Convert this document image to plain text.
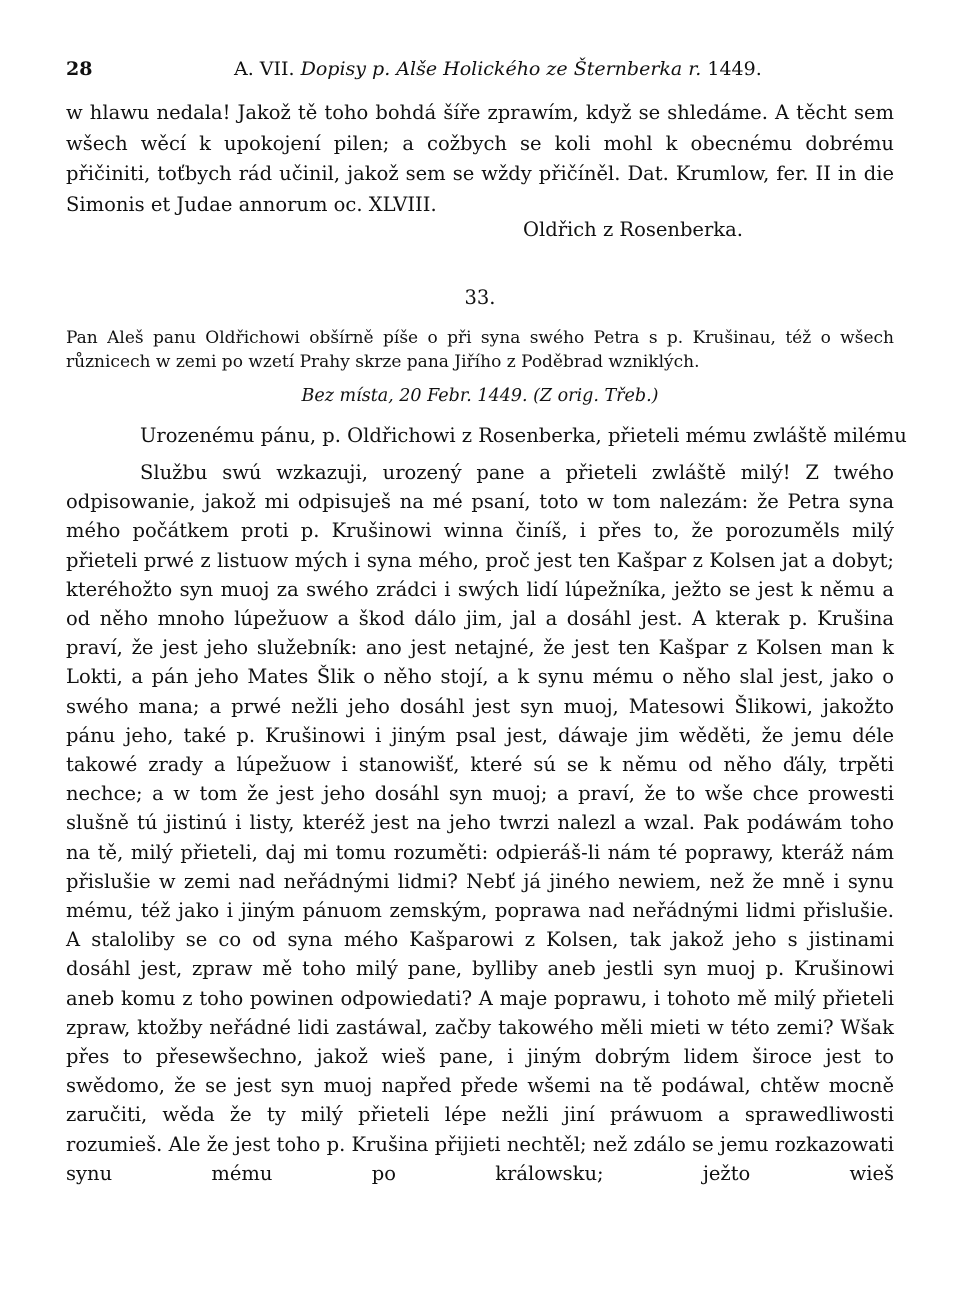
28	A. VII. Dopisy p. Alše Holického ze Šternberka r. 1449.

w hlawu nedala! Jakož tě toho bohdá šíře zprawím, když se shledáme. A těcht sem wšech wěcí k upokojení pilen; a cožbych se koli mohl k obecnému dobrému přičiniti, toťbych rád učinil, jakož sem se wždy přičíněl. Dat. Krumlow, fer. II in die Simonis et Judae annorum oc. XLVIII.

Oldřich z Rosenberka.
33.

Pan Aleš panu Oldřichowi obšírně píše o při syna swého Petra s p. Krušinau, též o wšech různicech w zemi po wzetí Prahy skrze pana Jiřího z Poděbrad wzniklých.

Bez místa, 20 Febr. 1449. (Z orig. Třeb.)
Urozenému pánu, p. Oldřichowi z Rosenberka, přieteli mému zwláště milému

Službu swú wzkazuji, urozený pane a přieteli zwláště milý! Z twého odpisowanie, jakož mi odpisuješ na mé psaní, toto w tom nalezám: že Petra syna mého počátkem proti p. Krušinowi winna činíš, i přes to, že porozuměls milý přieteli prwé z listuow mých i syna mého, proč jest ten Kašpar z Kolsen jat a dobyt; kteréhožto syn muoj za swého zrádci i swých lidí lúpežníka, ježto se jest k němu a od něho mnoho lúpežuow a škod dálo jim, jal a dosáhl jest. A kterak p. Krušina praví, že jest jeho služebník: ano jest netajné, že jest ten Kašpar z Kolsen man k Lokti, a pán jeho Mates Šlik o něho stojí, a k synu mému o něho slal jest, jako o swého mana; a prwé nežli jeho dosáhl jest syn muoj, Matesowi Šlikowi, jakožto pánu jeho, také p. Krušinowi i jiným psal jest, dáwaje jim wěděti, že jemu déle takowé zrady a lúpežuow i stanowišť, které sú se k němu od něho ďály, trpěti nechce; a w tom že jest jeho dosáhl syn muoj; a praví, že to wše chce prowesti slušně tú jistinú i listy, kteréž jest na jeho twrzi nalezl a wzal. Pak podáwám toho na tě, milý přieteli, daj mi tomu rozuměti: odpieráš-li nám té poprawy, kteráž nám přislušie w zemi nad neřádnými lidmi? Nebť já jiného newiem, než že mně i synu mému, též jako i jiným pánuom zemským, poprawa nad neřádnými lidmi přislušie. A staloliby se co od syna mého Kašparowi z Kolsen, tak jakož jeho s jistinami dosáhl jest, zpraw mě toho milý pane, bylliby aneb jestli syn muoj p. Krušinowi aneb komu z toho powinen odpowiedati? A maje poprawu, i tohoto mě milý přieteli zpraw, ktožby neřádné lidi zastáwal, začby takowého měli mieti w této zemi? Wšak přes to přesewšechno, jakož wieš pane, i jiným dobrým lidem široce jest to swědomo, že se jest syn muoj napřed přede wšemi na tě podáwal, chtěw mocně zaručiti, wěda že ty milý přieteli lépe nežli jiní práwuom a sprawedliwosti rozumieš. Ale že jest toho p. Krušina přijieti nechtěl; než zdálo se jemu rozkazowati synu mému po králowsku; ježto wieš
